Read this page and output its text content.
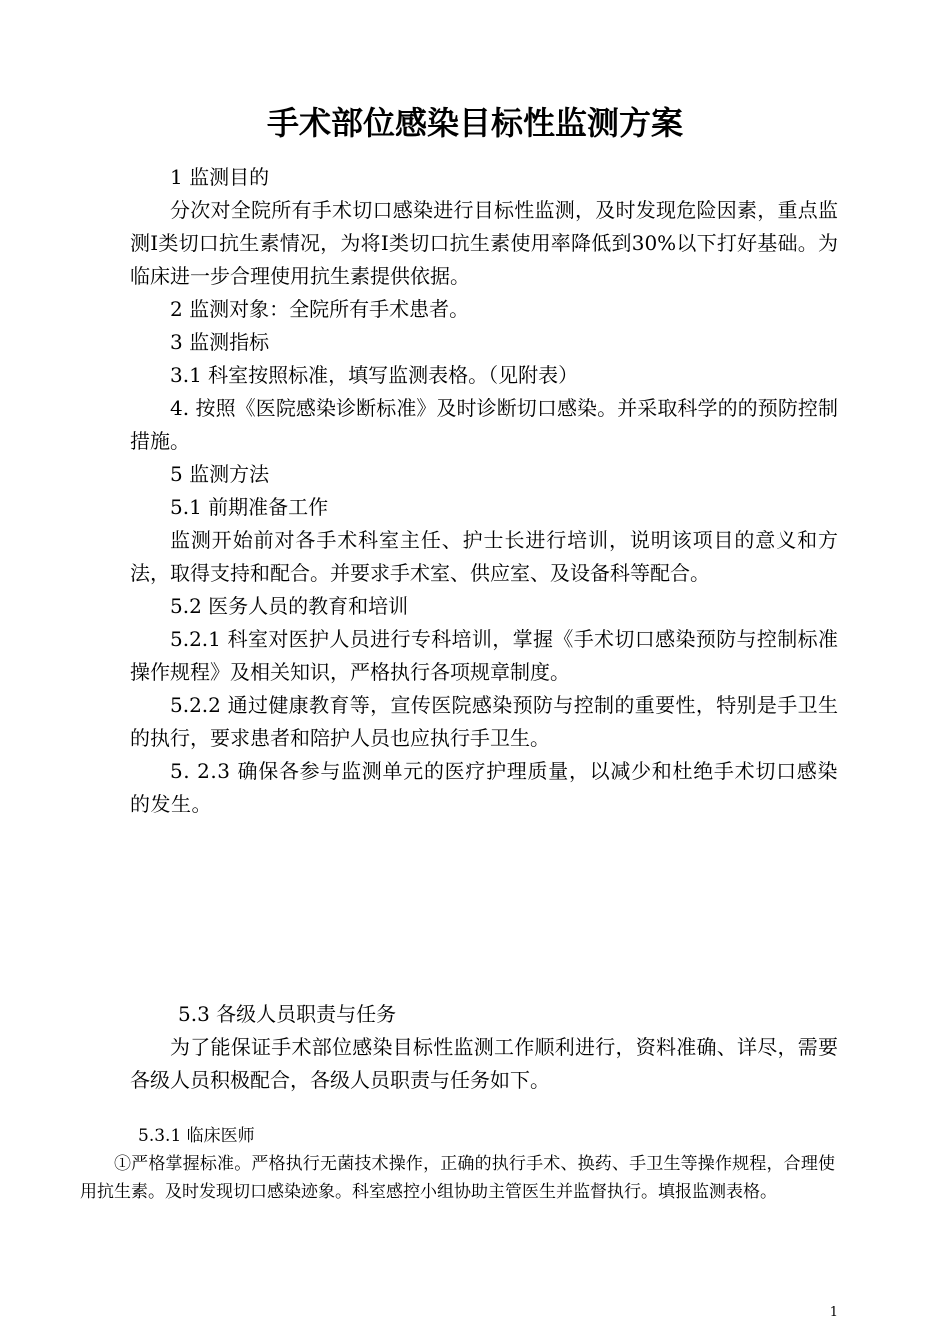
手术部位感染目标性监测方案

1 监测目的

分次对全院所有手术切口感染进行目标性监测，及时发现危险因素，重点监测Ⅰ类切口抗生素情况，为将Ⅰ类切口抗生素使用率降低到30%以下打好基础。为临床进一步合理使用抗生素提供依据。

2 监测对象：全院所有手术患者。

3 监测指标

3.1 科室按照标准，填写监测表格。（见附表）

4. 按照《医院感染诊断标准》及时诊断切口感染。并采取科学的的预防控制措施。

5 监测方法

5.1 前期准备工作

监测开始前对各手术科室主任、护士长进行培训，说明该项目的意义和方法，取得支持和配合。并要求手术室、供应室、及设备科等配合。

5.2 医务人员的教育和培训

5.2.1 科室对医护人员进行专科培训，掌握《手术切口感染预防与控制标准操作规程》及相关知识，严格执行各项规章制度。

5.2.2 通过健康教育等，宣传医院感染预防与控制的重要性，特别是手卫生的执行，要求患者和陪护人员也应执行手卫生。

5. 2.3 确保各参与监测单元的医疗护理质量，以减少和杜绝手术切口感染的发生。

5.3 各级人员职责与任务

为了能保证手术部位感染目标性监测工作顺利进行，资料准确、详尽，需要各级人员积极配合，各级人员职责与任务如下。

5.3.1 临床医师

①严格掌握标准。严格执行无菌技术操作，正确的执行手术、换药、手卫生等操作规程，合理使用抗生素。及时发现切口感染迹象。科室感控小组协助主管医生并监督执行。填报监测表格。

1
